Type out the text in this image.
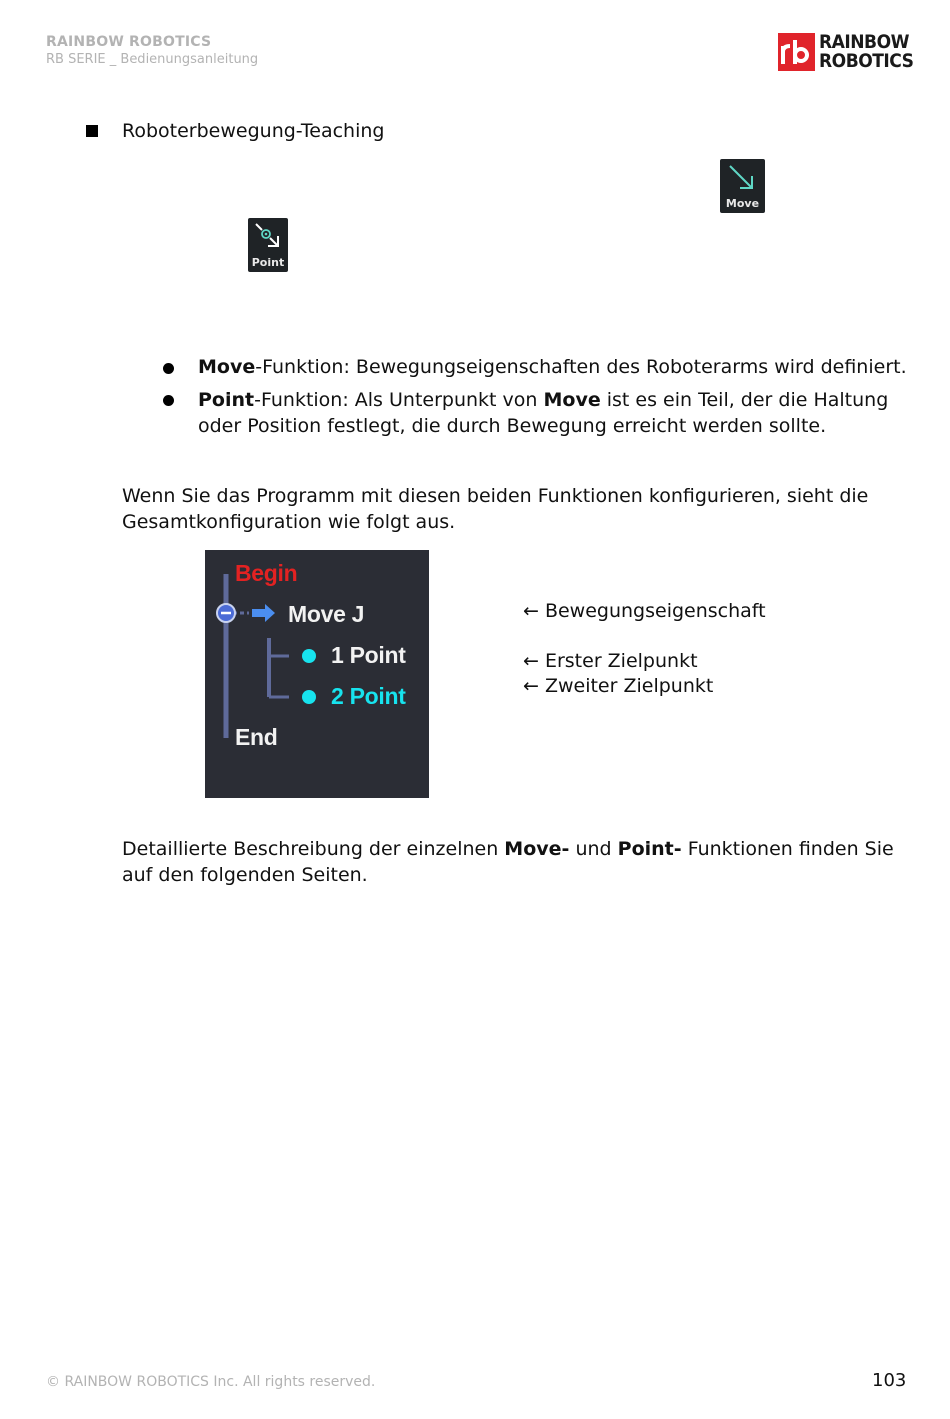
RAINBOW ROBOTICS
RB SERIE _ Bedienungsanleitung
RAINBOW
ROBOTICS
Roboterbewegung-Teaching
Move
Point
Move-Funktion: Bewegungseigenschaften des Roboterarms wird definiert.
Point-Funktion: Als Unterpunkt von Move ist es ein Teil, der die Haltung oder Position festlegt, die durch Bewegung erreicht werden sollte.
Wenn Sie das Programm mit diesen beiden Funktionen konfigurieren, sieht die Gesamtkonfiguration wie folgt aus.
Begin
Move J
1 Point
2 Point
End
← Bewegungseigenschaft
← Erster Zielpunkt
← Zweiter Zielpunkt
Detaillierte Beschreibung der einzelnen Move- und Point- Funktionen finden Sie auf den folgenden Seiten.
© RAINBOW ROBOTICS Inc. All rights reserved.	103
